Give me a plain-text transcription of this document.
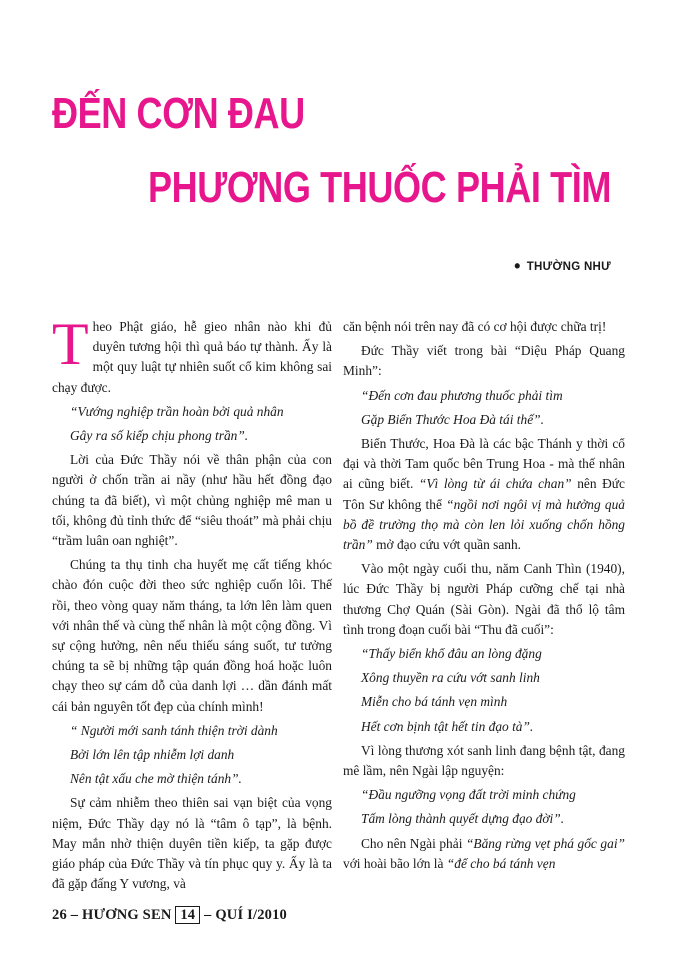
ĐẾN CƠN ĐAU
PHƯƠNG THUỐC PHẢI TÌM
• THƯỜNG NHƯ

Theo Phật giáo, hễ gieo nhân nào khi đủ duyên tương hội thì quả báo tự thành. Ấy là một quy luật tự nhiên suốt cổ kim không sai chạy được.

“Vướng nghiệp trần hoàn bởi quả nhân

Gây ra số kiếp chịu phong trần”.

Lời của Đức Thầy nói về thân phận của con người ở chốn trần ai nầy (như hầu hết đồng đạo chúng ta đã biết), vì một chủng nghiệp mê man u tối, không đủ tỉnh thức để “siêu thoát” mà phải chịu “trầm luân oan nghiệt”.

Chúng ta thụ tinh cha huyết mẹ cất tiếng khóc chào đón cuộc đời theo sức nghiệp cuốn lôi. Thế rồi, theo vòng quay năm tháng, ta lớn lên làm quen với nhân thế và cùng thế nhân là một cộng đồng. Vì sự cộng hưởng, nên nếu thiếu sáng suốt, tư tưởng chúng ta sẽ bị những tập quán đồng hoá hoặc luôn chạy theo sự cám dỗ của danh lợi … dần đánh mất cái bản nguyên tốt đẹp của chính mình!

“ Người mới sanh tánh thiện trời dành

Bởi lớn lên tập nhiễm lợi danh

Nên tật xấu che mờ thiện tánh”.

Sự cảm nhiễm theo thiên sai vạn biệt của vọng niệm, Đức Thầy dạy nó là “tâm ô tạp”, là bệnh. May mắn nhờ thiện duyên tiền kiếp, ta gặp được giáo pháp của Đức Thầy và tín phục quy y. Ấy là ta đã gặp đấng Y vương, và

căn bệnh nói trên nay đã có cơ hội được chữa trị!

Đức Thầy viết trong bài “Diệu Pháp Quang Minh”:

“Đến cơn đau phương thuốc phải tìm

Gặp Biển Thước Hoa Đà tái thế”.

Biển Thước, Hoa Đà là các bậc Thánh y thời cổ đại và thời Tam quốc bên Trung Hoa - mà thế nhân ai cũng biết. “Vì lòng từ ái chứa chan” nên Đức Tôn Sư không thể “ngồi nơi ngôi vị mà hưởng quả bồ đề trường thọ mà còn len lỏi xuống chốn hồng trần” mở đạo cứu vớt quần sanh.

Vào một ngày cuối thu, năm Canh Thìn (1940), lúc Đức Thầy bị người Pháp cưỡng chế tại nhà thương Chợ Quán (Sài Gòn). Ngài đã thổ lộ tâm tình trong đoạn cuối bài “Thu đã cuối”:

“Thấy biển khổ đâu an lòng đặng

Xông thuyền ra cứu vớt sanh linh

Miễn cho bá tánh vẹn mình

Hết cơn bịnh tật hết tin đạo tà”.

Vì lòng thương xót sanh linh đang bệnh tật, đang mê lầm, nên Ngài lập nguyện:

“Đầu ngưỡng vọng đất trời minh chứng

Tấm lòng thành quyết dựng đạo đời”.

Cho nên Ngài phải “Băng rừng vẹt phá gốc gai” với hoài bão lớn là “để cho bá tánh vẹn

26 – HƯƠNG SEN 14 – QUÍ I/2010
